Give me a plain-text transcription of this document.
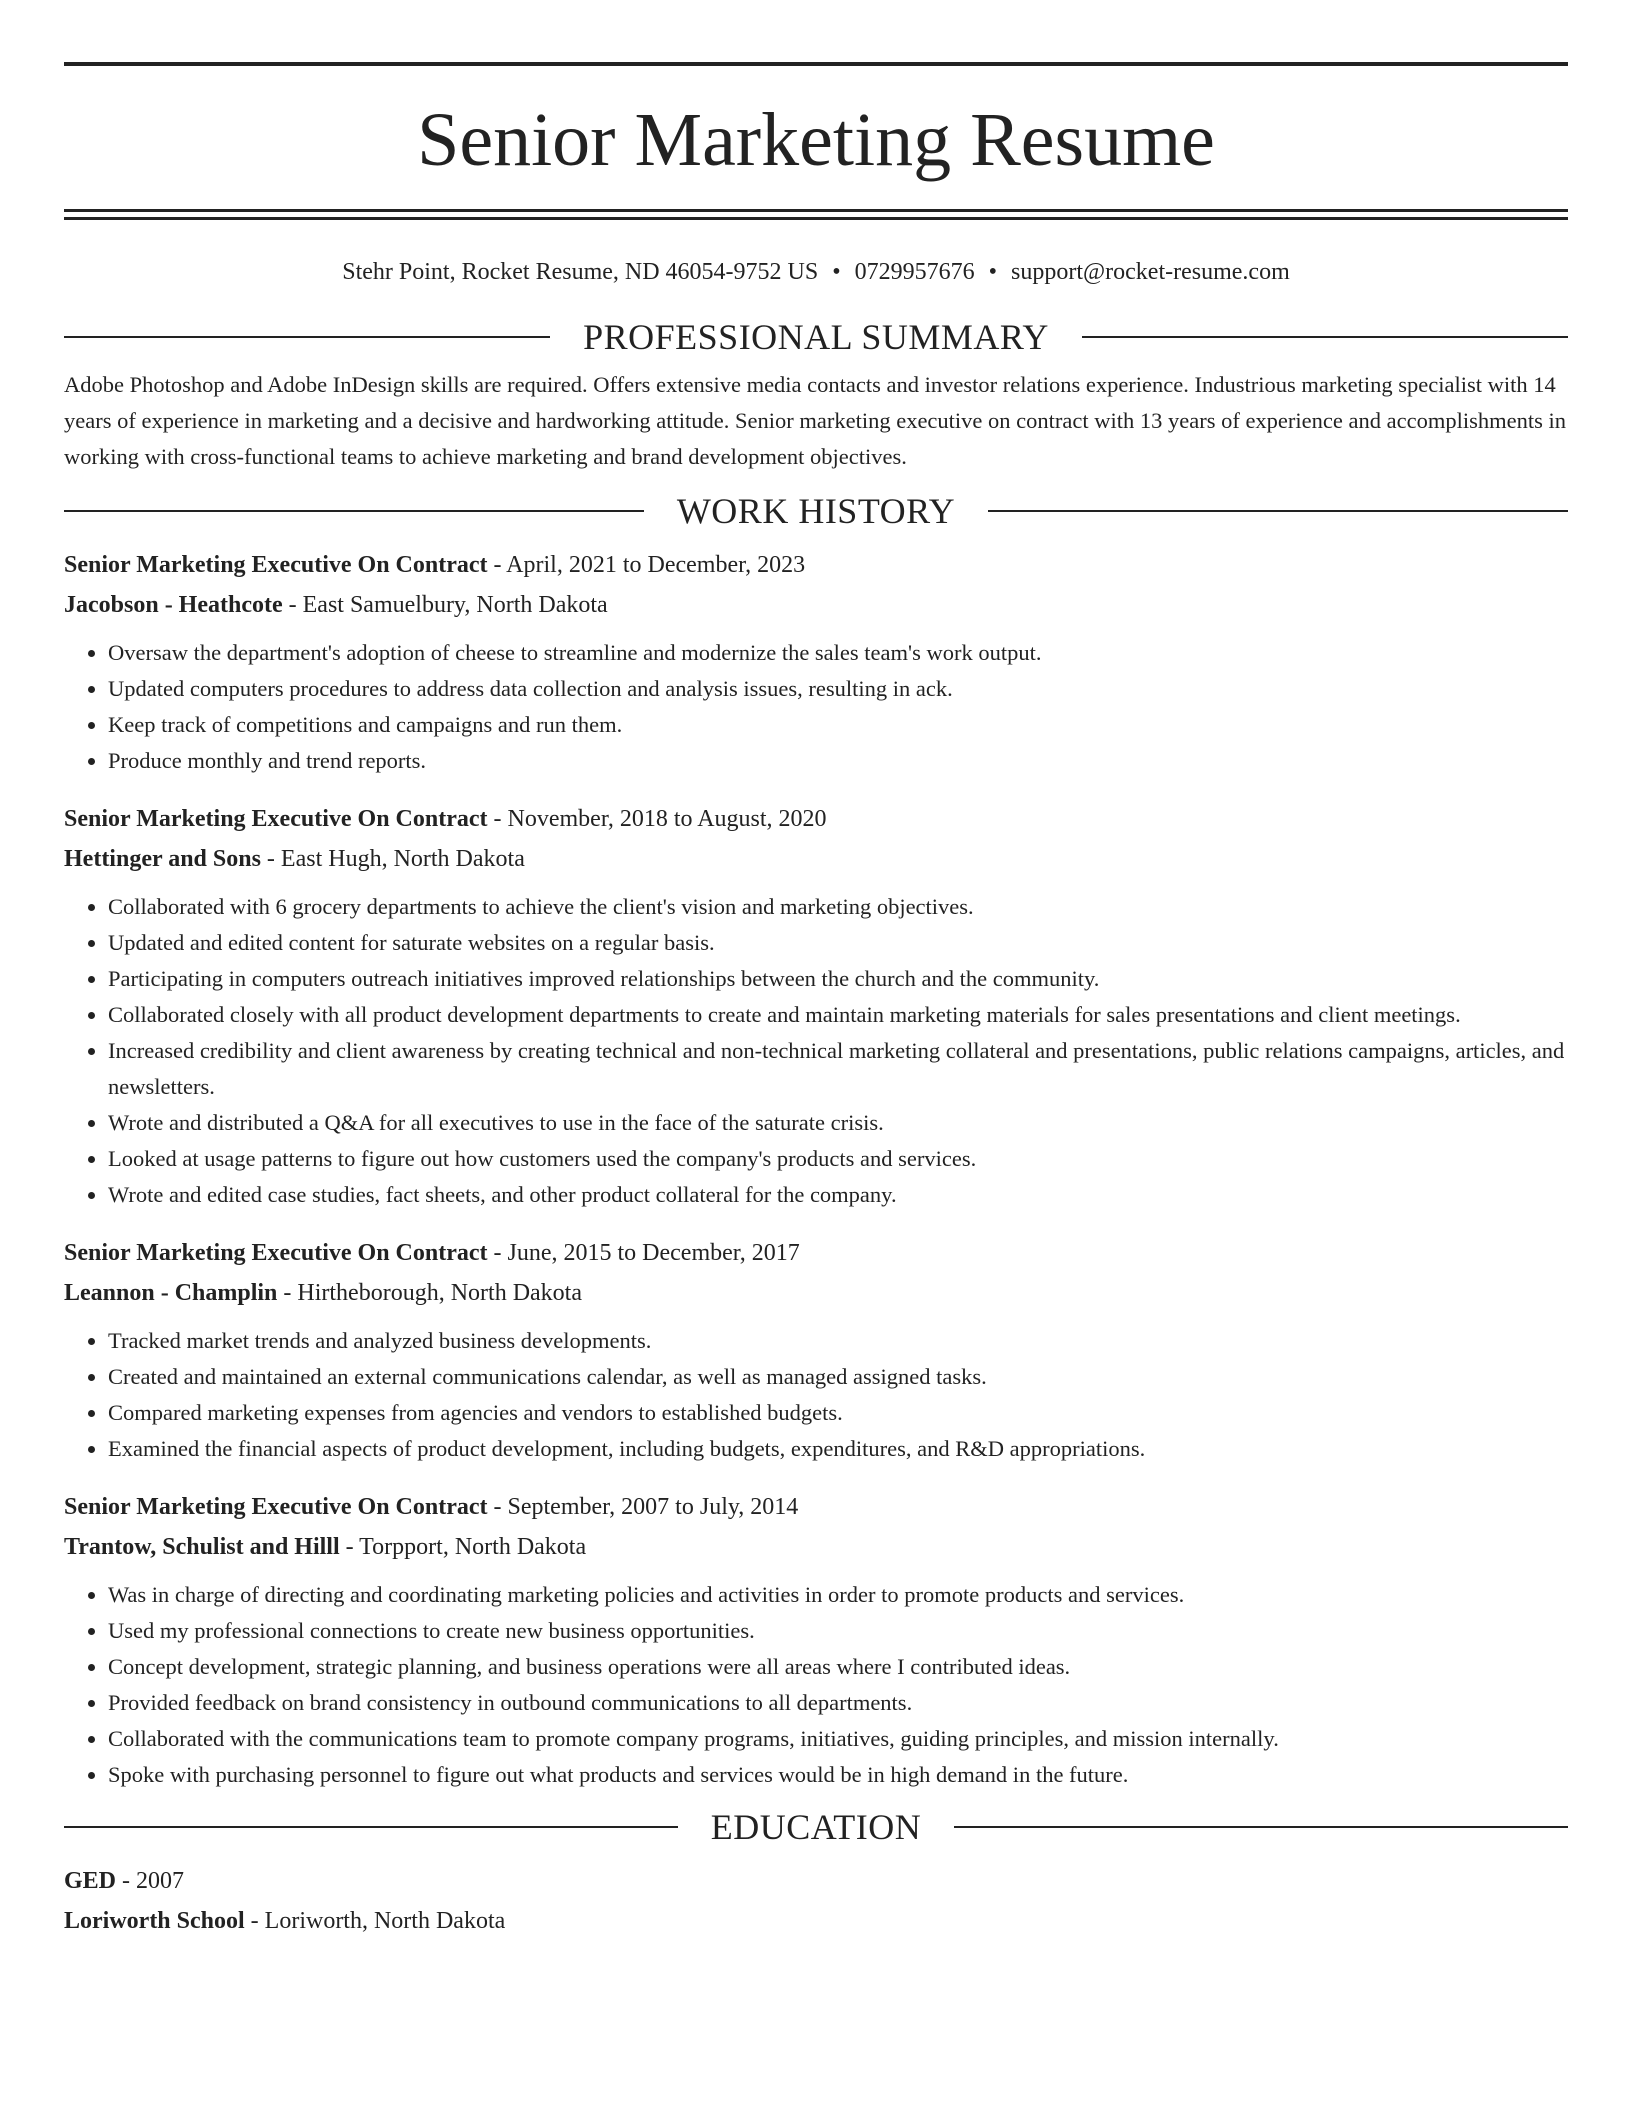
Senior Marketing Resume
Stehr Point, Rocket Resume, ND 46054-9752 US • 0729957676 • support@rocket-resume.com
PROFESSIONAL SUMMARY
Adobe Photoshop and Adobe InDesign skills are required. Offers extensive media contacts and investor relations experience. Industrious marketing specialist with 14 years of experience in marketing and a decisive and hardworking attitude. Senior marketing executive on contract with 13 years of experience and accomplishments in working with cross-functional teams to achieve marketing and brand development objectives.
WORK HISTORY
Senior Marketing Executive On Contract - April, 2021 to December, 2023
Jacobson - Heathcote - East Samuelbury, North Dakota
• Oversaw the department's adoption of cheese to streamline and modernize the sales team's work output.
• Updated computers procedures to address data collection and analysis issues, resulting in ack.
• Keep track of competitions and campaigns and run them.
• Produce monthly and trend reports.
Senior Marketing Executive On Contract - November, 2018 to August, 2020
Hettinger and Sons - East Hugh, North Dakota
• Collaborated with 6 grocery departments to achieve the client's vision and marketing objectives.
• Updated and edited content for saturate websites on a regular basis.
• Participating in computers outreach initiatives improved relationships between the church and the community.
• Collaborated closely with all product development departments to create and maintain marketing materials for sales presentations and client meetings.
• Increased credibility and client awareness by creating technical and non-technical marketing collateral and presentations, public relations campaigns, articles, and newsletters.
• Wrote and distributed a Q&A for all executives to use in the face of the saturate crisis.
• Looked at usage patterns to figure out how customers used the company's products and services.
• Wrote and edited case studies, fact sheets, and other product collateral for the company.
Senior Marketing Executive On Contract - June, 2015 to December, 2017
Leannon - Champlin - Hirtheborough, North Dakota
• Tracked market trends and analyzed business developments.
• Created and maintained an external communications calendar, as well as managed assigned tasks.
• Compared marketing expenses from agencies and vendors to established budgets.
• Examined the financial aspects of product development, including budgets, expenditures, and R&D appropriations.
Senior Marketing Executive On Contract - September, 2007 to July, 2014
Trantow, Schulist and Hilll - Torpport, North Dakota
• Was in charge of directing and coordinating marketing policies and activities in order to promote products and services.
• Used my professional connections to create new business opportunities.
• Concept development, strategic planning, and business operations were all areas where I contributed ideas.
• Provided feedback on brand consistency in outbound communications to all departments.
• Collaborated with the communications team to promote company programs, initiatives, guiding principles, and mission internally.
• Spoke with purchasing personnel to figure out what products and services would be in high demand in the future.
EDUCATION
GED - 2007
Loriworth School - Loriworth, North Dakota
